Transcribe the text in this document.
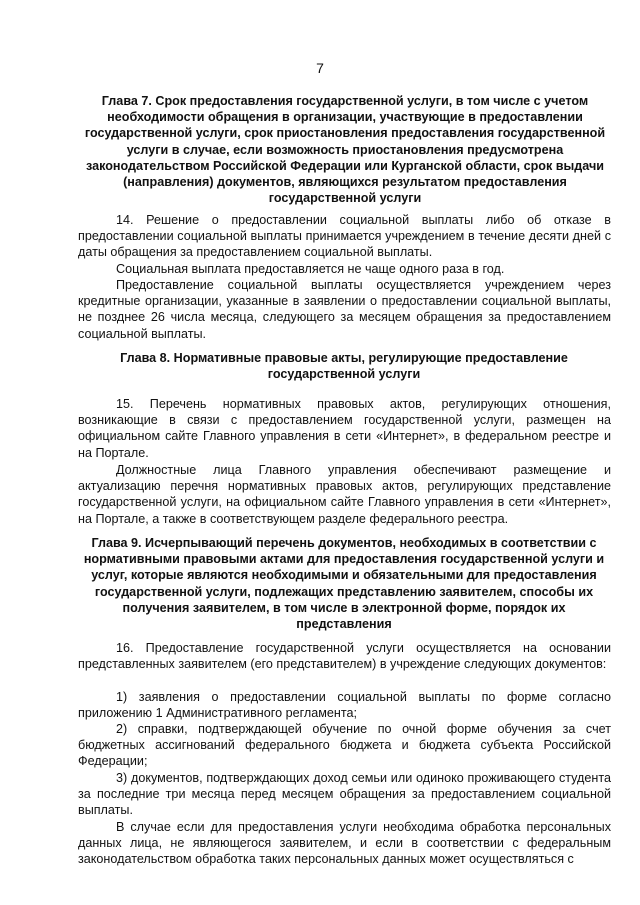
7

Глава 7. Срок предоставления государственной услуги, в том числе с учетом необходимости обращения в организации, участвующие в предоставлении государственной услуги, срок приостановления предоставления государственной услуги в случае, если возможность приостановления предусмотрена законодательством Российской Федерации или Курганской области, срок выдачи (направления) документов, являющихся результатом предоставления государственной услуги

14. Решение о предоставлении социальной выплаты либо об отказе в предоставлении социальной выплаты принимается учреждением в течение десяти дней с даты обращения за предоставлением социальной выплаты.

Социальная выплата предоставляется не чаще одного раза в год.

Предоставление социальной выплаты осуществляется учреждением через кредитные организации, указанные в заявлении о предоставлении социальной выплаты, не позднее 26 числа месяца, следующего за месяцем обращения за предоставлением социальной выплаты.

Глава 8. Нормативные правовые акты, регулирующие предоставление государственной услуги

15. Перечень нормативных правовых актов, регулирующих отношения, возникающие в связи с предоставлением государственной услуги, размещен на официальном сайте Главного управления в сети «Интернет», в федеральном реестре и на Портале.

Должностные лица Главного управления обеспечивают размещение и актуализацию перечня нормативных правовых актов, регулирующих представление государственной услуги, на официальном сайте Главного управления в сети «Интернет», на Портале, а также в соответствующем разделе федерального реестра.

Глава 9. Исчерпывающий перечень документов, необходимых в соответствии с нормативными правовыми актами для предоставления государственной услуги и услуг, которые являются необходимыми и обязательными для предоставления государственной услуги, подлежащих представлению заявителем, способы их получения заявителем, в том числе в электронной форме, порядок их представления

16. Предоставление государственной услуги осуществляется на основании представленных заявителем (его представителем) в учреждение следующих документов:

1) заявления о предоставлении социальной выплаты по форме согласно приложению 1 Административного регламента;

2) справки, подтверждающей обучение по очной форме обучения за счет бюджетных ассигнований федерального бюджета и бюджета субъекта Российской Федерации;

3) документов, подтверждающих доход семьи или одиноко проживающего студента за последние три месяца перед месяцем обращения за предоставлением социальной выплаты.

В случае если для предоставления услуги необходима обработка персональных данных лица, не являющегося заявителем, и если в соответствии с федеральным законодательством обработка таких персональных данных может осуществляться с
